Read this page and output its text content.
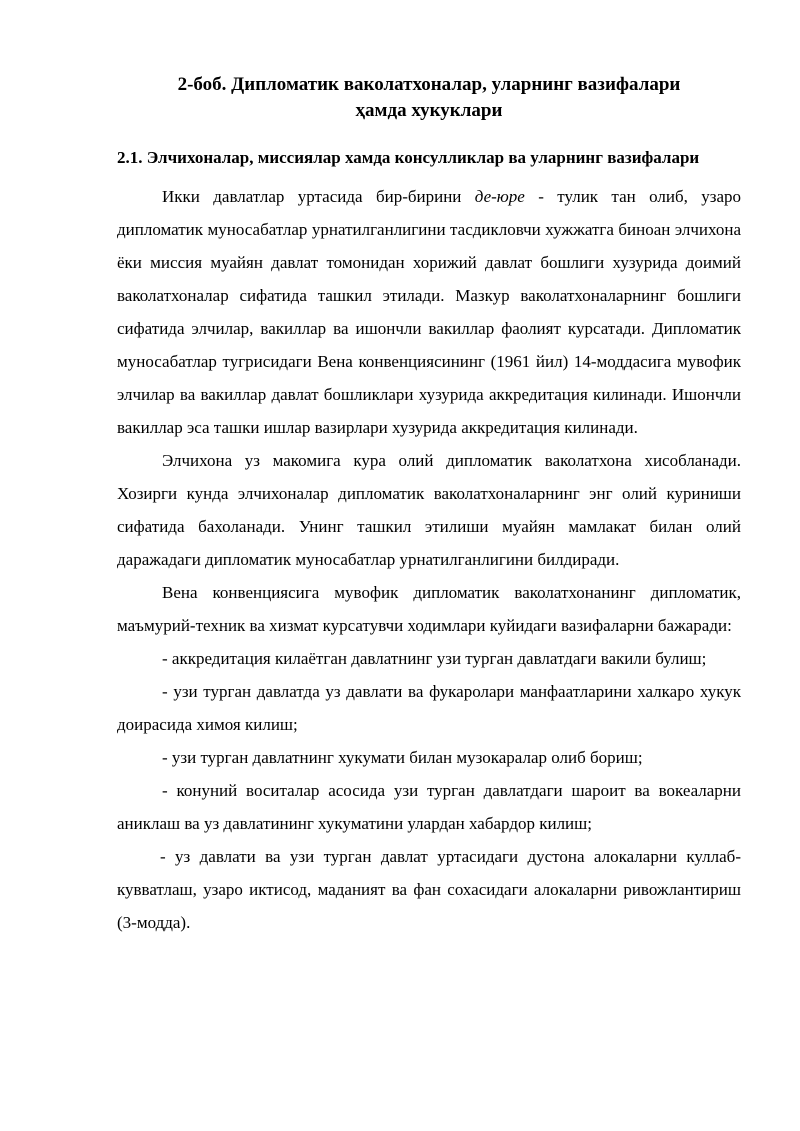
2-боб. Дипломатик ваколатхоналар, уларнинг вазифалари
ҳамда хукуклари
2.1. Элчихоналар, миссиялар хамда консулликлар ва уларнинг вазифалари

Икки давлатлар уртасида бир-бирини де-юре - тулик тан олиб, узаро дипломатик муносабатлар урнатилганлигини тасдикловчи хужжатга биноан элчихона ёки миссия муайян давлат томонидан хорижий давлат бошлиги хузурида доимий ваколатхоналар сифатида ташкил этилади. Мазкур ваколатхоналарнинг бошлиги сифатида элчилар, вакиллар ва ишончли вакиллар фаолият курсатади. Дипломатик муносабатлар тугрисидаги Вена конвенциясининг (1961 йил) 14-моддасига мувофик элчилар ва вакиллар давлат бошликлари хузурида аккредитация килинади. Ишончли вакиллар эса ташки ишлар вазирлари хузурида аккредитация килинади.

Элчихона уз макомига кура олий дипломатик ваколатхона хисобланади. Хозирги кунда элчихоналар дипломатик ваколатхоналарнинг энг олий куриниши сифатида бахоланади. Унинг ташкил этилиши муайян мамлакат билан олий даражадаги дипломатик муносабатлар урнатилганлигини билдиради.

Вена конвенциясига мувофик дипломатик ваколатхонанинг дипломатик, маъмурий-техник ва хизмат курсатувчи ходимлари куйидаги вазифаларни бажаради:

- аккредитация килаётган давлатнинг узи турган давлатдаги вакили булиш;

- узи турган давлатда уз давлати ва фукаролари манфаатларини халкаро хукук доирасида химоя килиш;

- узи турган давлатнинг хукумати билан музокаралар олиб бориш;

- конуний воситалар асосида узи турган давлатдаги шароит ва вокеаларни аниклаш ва уз давлатининг хукуматини улардан хабардор килиш;

- уз давлати ва узи турган давлат уртасидаги дустона алокаларни куллаб-кувватлаш, узаро иктисод, маданият ва фан сохасидаги алокаларни ривожлантириш (3-модда).
